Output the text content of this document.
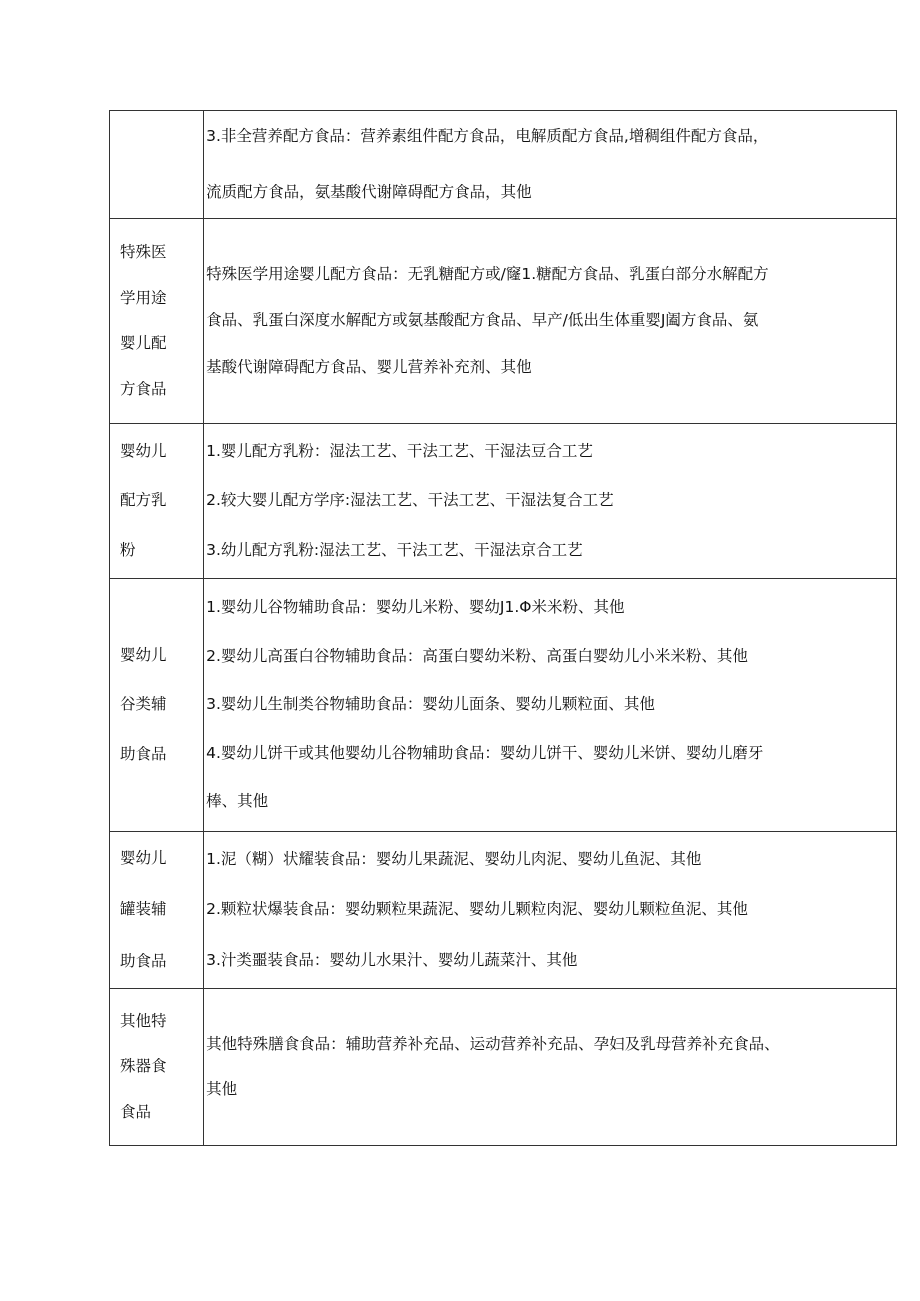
	3.非全营养配方食品：营养素组件配方食品，电解质配方食品,增稠组件配方食品，
流质配方食品，氨基酸代谢障碍配方食品，其他

特殊医
学用途
婴儿配
方食品	特殊医学用途婴儿配方食品：无乳糖配方或/窿1.糖配方食品、乳蛋白部分水解配方
食品、乳蛋白深度水解配方或氨基酸配方食品、早产/低出生体重婴J阖方食品、氨
基酸代谢障碍配方食品、婴儿营养补充剂、其他

婴幼儿
配方乳
粉	1.婴儿配方乳粉：湿法工艺、干法工艺、干湿法豆合工艺
2.较大婴儿配方学序:湿法工艺、干法工艺、干湿法复合工艺
3.幼儿配方乳粉:湿法工艺、干法工艺、干湿法京合工艺

婴幼儿
谷类辅
助食品	1.婴幼儿谷物辅助食品：婴幼儿米粉、婴幼J1.Φ米米粉、其他
2.婴幼儿高蛋白谷物辅助食品：高蛋白婴幼米粉、高蛋白婴幼儿小米米粉、其他
3.婴幼儿生制类谷物辅助食品：婴幼儿面条、婴幼儿颗粒面、其他
4.婴幼儿饼干或其他婴幼儿谷物辅助食品：婴幼儿饼干、婴幼儿米饼、婴幼儿磨牙
棒、其他

婴幼儿
罐装辅
助食品	1.泥（糊）状耀装食品：婴幼儿果蔬泥、婴幼儿肉泥、婴幼儿鱼泥、其他
2.颗粒状爆装食品：婴幼颗粒果蔬泥、婴幼儿颗粒肉泥、婴幼儿颗粒鱼泥、其他
3.汁类噩装食品：婴幼儿水果汁、婴幼儿蔬菜汁、其他

其他特
殊器食
食品	其他特殊膳食食品：辅助营养补充品、运动营养补充品、孕妇及乳母营养补充食品、
其他
